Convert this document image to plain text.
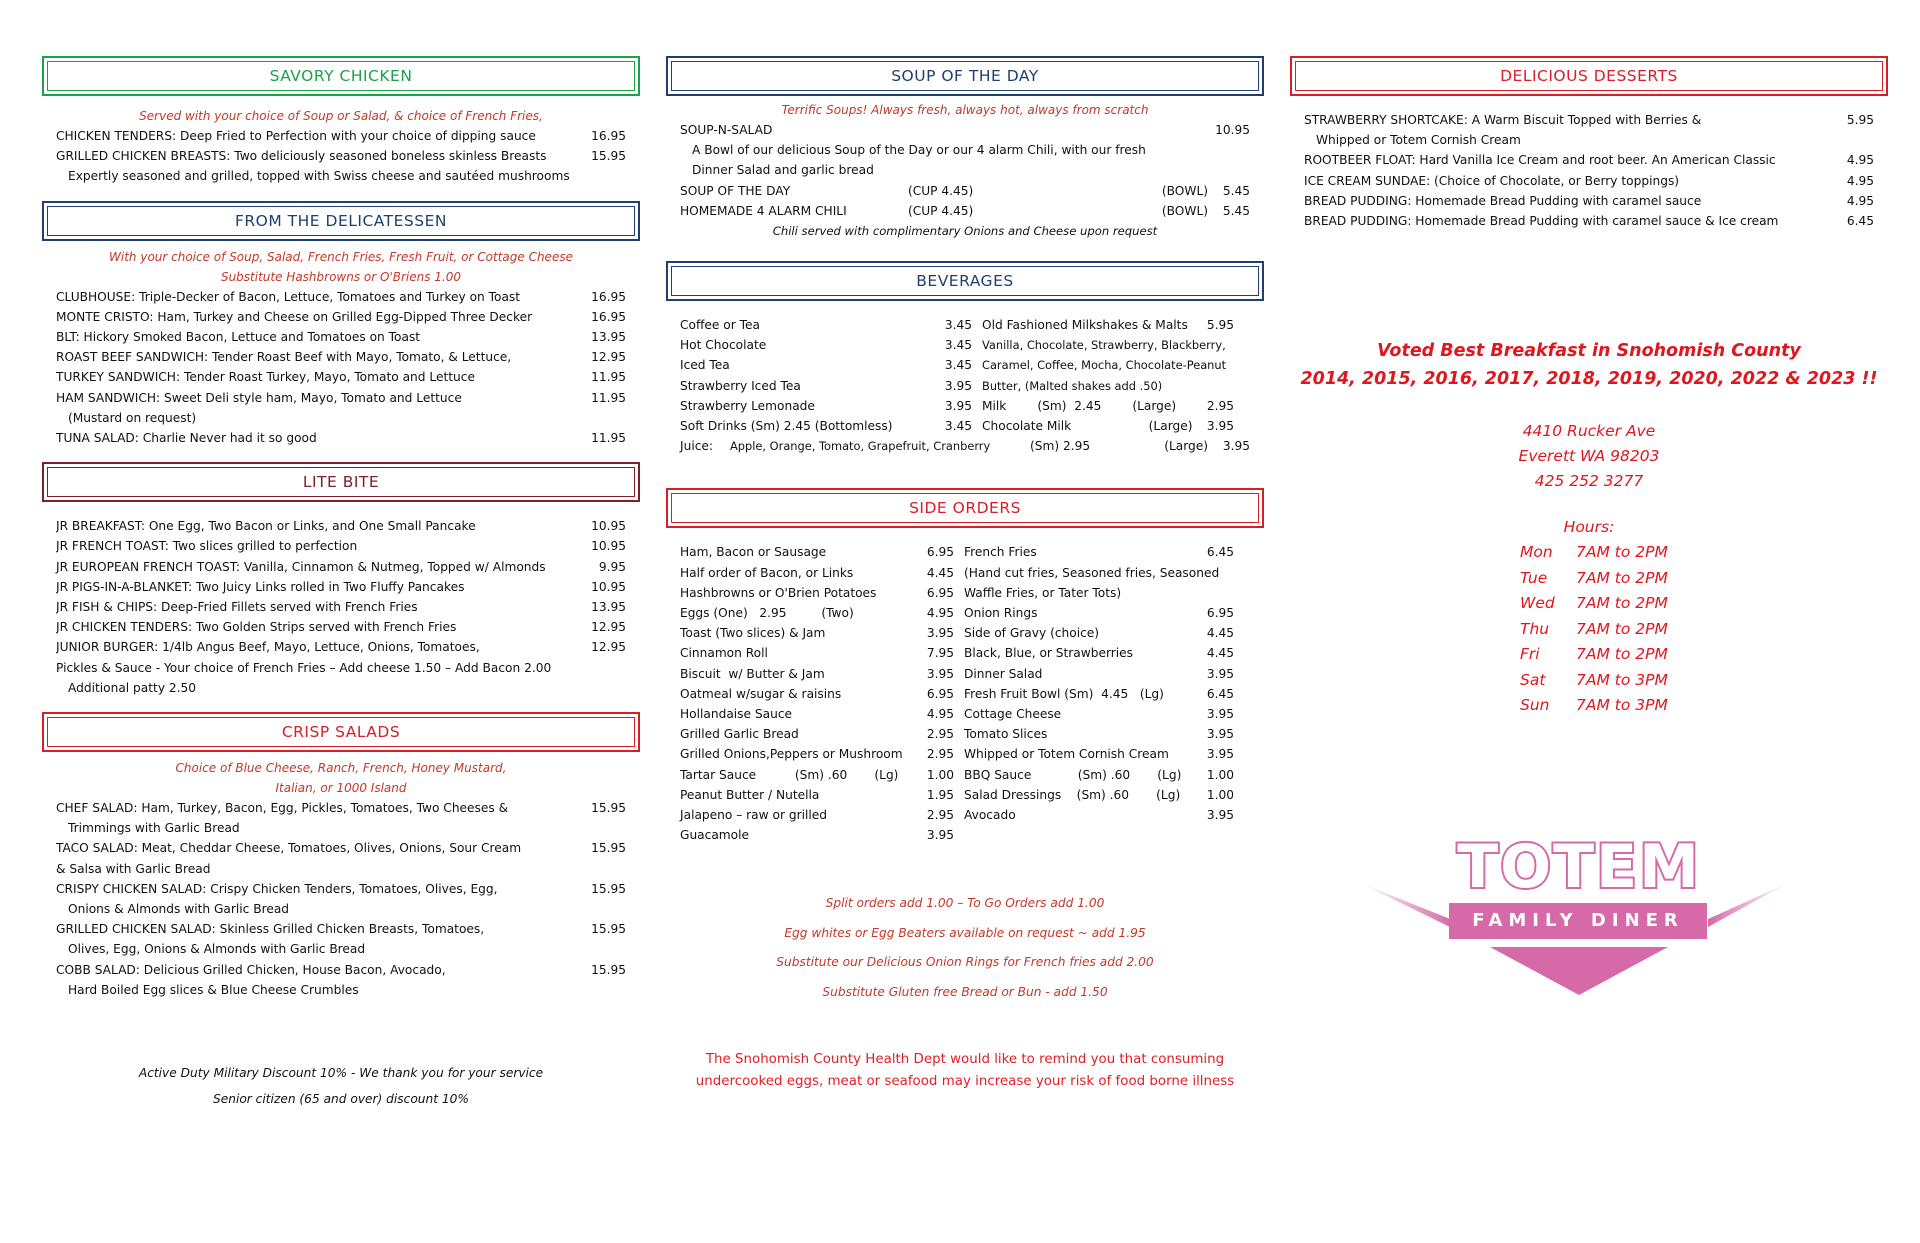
SAVORY CHICKEN
Served with your choice of Soup or Salad, & choice of French Fries,
CHICKEN TENDERS: Deep Fried to Perfection with your choice of dipping sauce	16.95
GRILLED CHICKEN BREASTS: Two deliciously seasoned boneless skinless Breasts	15.95
Expertly seasoned and grilled, topped with Swiss cheese and sautéed mushrooms
FROM THE DELICATESSEN
With your choice of Soup, Salad, French Fries, Fresh Fruit, or Cottage Cheese
Substitute Hashbrowns or O'Briens 1.00
CLUBHOUSE: Triple-Decker of Bacon, Lettuce, Tomatoes and Turkey on Toast	16.95
MONTE CRISTO: Ham, Turkey and Cheese on Grilled Egg-Dipped Three Decker	16.95
BLT: Hickory Smoked Bacon, Lettuce and Tomatoes on Toast	13.95
ROAST BEEF SANDWICH: Tender Roast Beef with Mayo, Tomato, & Lettuce,	12.95
TURKEY SANDWICH: Tender Roast Turkey, Mayo, Tomato and Lettuce	11.95
HAM SANDWICH: Sweet Deli style ham, Mayo, Tomato and Lettuce	11.95
(Mustard on request)
TUNA SALAD: Charlie Never had it so good	11.95
LITE BITE
JR BREAKFAST: One Egg, Two Bacon or Links, and One Small Pancake	10.95
JR FRENCH TOAST: Two slices grilled to perfection	10.95
JR EUROPEAN FRENCH TOAST: Vanilla, Cinnamon & Nutmeg, Topped w/ Almonds	9.95
JR PIGS-IN-A-BLANKET: Two Juicy Links rolled in Two Fluffy Pancakes	10.95
JR FISH & CHIPS: Deep-Fried Fillets served with French Fries	13.95
JR CHICKEN TENDERS: Two Golden Strips served with French Fries	12.95
JUNIOR BURGER: 1/4lb Angus Beef, Mayo, Lettuce, Onions, Tomatoes,	12.95
Pickles & Sauce - Your choice of French Fries – Add cheese 1.50 – Add Bacon 2.00
Additional patty 2.50
CRISP SALADS
Choice of Blue Cheese, Ranch, French, Honey Mustard,
Italian, or 1000 Island
CHEF SALAD: Ham, Turkey, Bacon, Egg, Pickles, Tomatoes, Two Cheeses &	15.95
Trimmings with Garlic Bread
TACO SALAD: Meat, Cheddar Cheese, Tomatoes, Olives, Onions, Sour Cream	15.95
& Salsa with Garlic Bread
CRISPY CHICKEN SALAD: Crispy Chicken Tenders, Tomatoes, Olives, Egg,	15.95
Onions & Almonds with Garlic Bread
GRILLED CHICKEN SALAD: Skinless Grilled Chicken Breasts, Tomatoes,	15.95
Olives, Egg, Onions & Almonds with Garlic Bread
COBB SALAD: Delicious Grilled Chicken, House Bacon, Avocado,	15.95
Hard Boiled Egg slices & Blue Cheese Crumbles
Active Duty Military Discount 10% - We thank you for your service
Senior citizen (65 and over) discount 10%
SOUP OF THE DAY
Terrific Soups! Always fresh, always hot, always from scratch
SOUP-N-SALAD	10.95
A Bowl of our delicious Soup of the Day or our 4 alarm Chili, with our fresh
Dinner Salad and garlic bread
SOUP OF THE DAY	(CUP 4.45)	(BOWL)	5.45
HOMEMADE 4 ALARM CHILI	(CUP 4.45)	(BOWL)	5.45
Chili served with complimentary Onions and Cheese upon request
BEVERAGES
Coffee or Tea	3.45 Old Fashioned Milkshakes & Malts	5.95
Hot Chocolate	3.45 Vanilla, Chocolate, Strawberry, Blackberry,
Iced Tea	3.45 Caramel, Coffee, Mocha, Chocolate-Peanut
Strawberry Iced Tea	3.95 Butter, (Malted shakes add .50)
Strawberry Lemonade	3.95 Milk        (Sm)  2.45        (Large)	2.95
Soft Drinks (Sm) 2.45 (Bottomless)	3.45 Chocolate Milk                    (Large)	3.95
Juice:	Apple, Orange, Tomato, Grapefruit, Cranberry	(Sm) 2.95	(Large)	3.95
SIDE ORDERS
Ham, Bacon or Sausage	6.95 French Fries	6.45
Half order of Bacon, or Links	4.45 (Hand cut fries, Seasoned fries, Seasoned
Hashbrowns or O'Brien Potatoes	6.95 Waffle Fries, or Tater Tots)
Eggs (One)   2.95         (Two)	4.95 Onion Rings	6.95
Toast (Two slices) & Jam	3.95 Side of Gravy (choice)	4.45
Cinnamon Roll	7.95 Black, Blue, or Strawberries	4.45
Biscuit  w/ Butter & Jam	3.95 Dinner Salad	3.95
Oatmeal w/sugar & raisins	6.95 Fresh Fruit Bowl (Sm)  4.45   (Lg)	6.45
Hollandaise Sauce	4.95 Cottage Cheese	3.95
Grilled Garlic Bread	2.95 Tomato Slices	3.95
Grilled Onions,Peppers or Mushroom	2.95 Whipped or Totem Cornish Cream	3.95
Tartar Sauce          (Sm) .60       (Lg)	1.00 BBQ Sauce            (Sm) .60       (Lg)	1.00
Peanut Butter / Nutella	1.95 Salad Dressings    (Sm) .60       (Lg)	1.00
Jalapeno – raw or grilled	2.95 Avocado	3.95
Guacamole	3.95
Split orders add 1.00 – To Go Orders add 1.00
Egg whites or Egg Beaters available on request ~ add 1.95
Substitute our Delicious Onion Rings for French fries add 2.00
Substitute Gluten free Bread or Bun - add 1.50
The Snohomish County Health Dept would like to remind you that consuming
undercooked eggs, meat or seafood may increase your risk of food borne illness
DELICIOUS DESSERTS
STRAWBERRY SHORTCAKE: A Warm Biscuit Topped with Berries &	5.95
Whipped or Totem Cornish Cream
ROOTBEER FLOAT: Hard Vanilla Ice Cream and root beer. An American Classic	4.95
ICE CREAM SUNDAE: (Choice of Chocolate, or Berry toppings)	4.95
BREAD PUDDING: Homemade Bread Pudding with caramel sauce	4.95
BREAD PUDDING: Homemade Bread Pudding with caramel sauce & Ice cream	6.45
Voted Best Breakfast in Snohomish County
2014, 2015, 2016, 2017, 2018, 2019, 2020, 2022 & 2023 !!
4410 Rucker Ave
Everett WA 98203
425 252 3277
Hours:
Mon	7AM to 2PM
Tue	7AM to 2PM
Wed	7AM to 2PM
Thu	7AM to 2PM
Fri	7AM to 2PM
Sat	7AM to 3PM
Sun	7AM to 3PM
TOTEM
FAMILY DINER
